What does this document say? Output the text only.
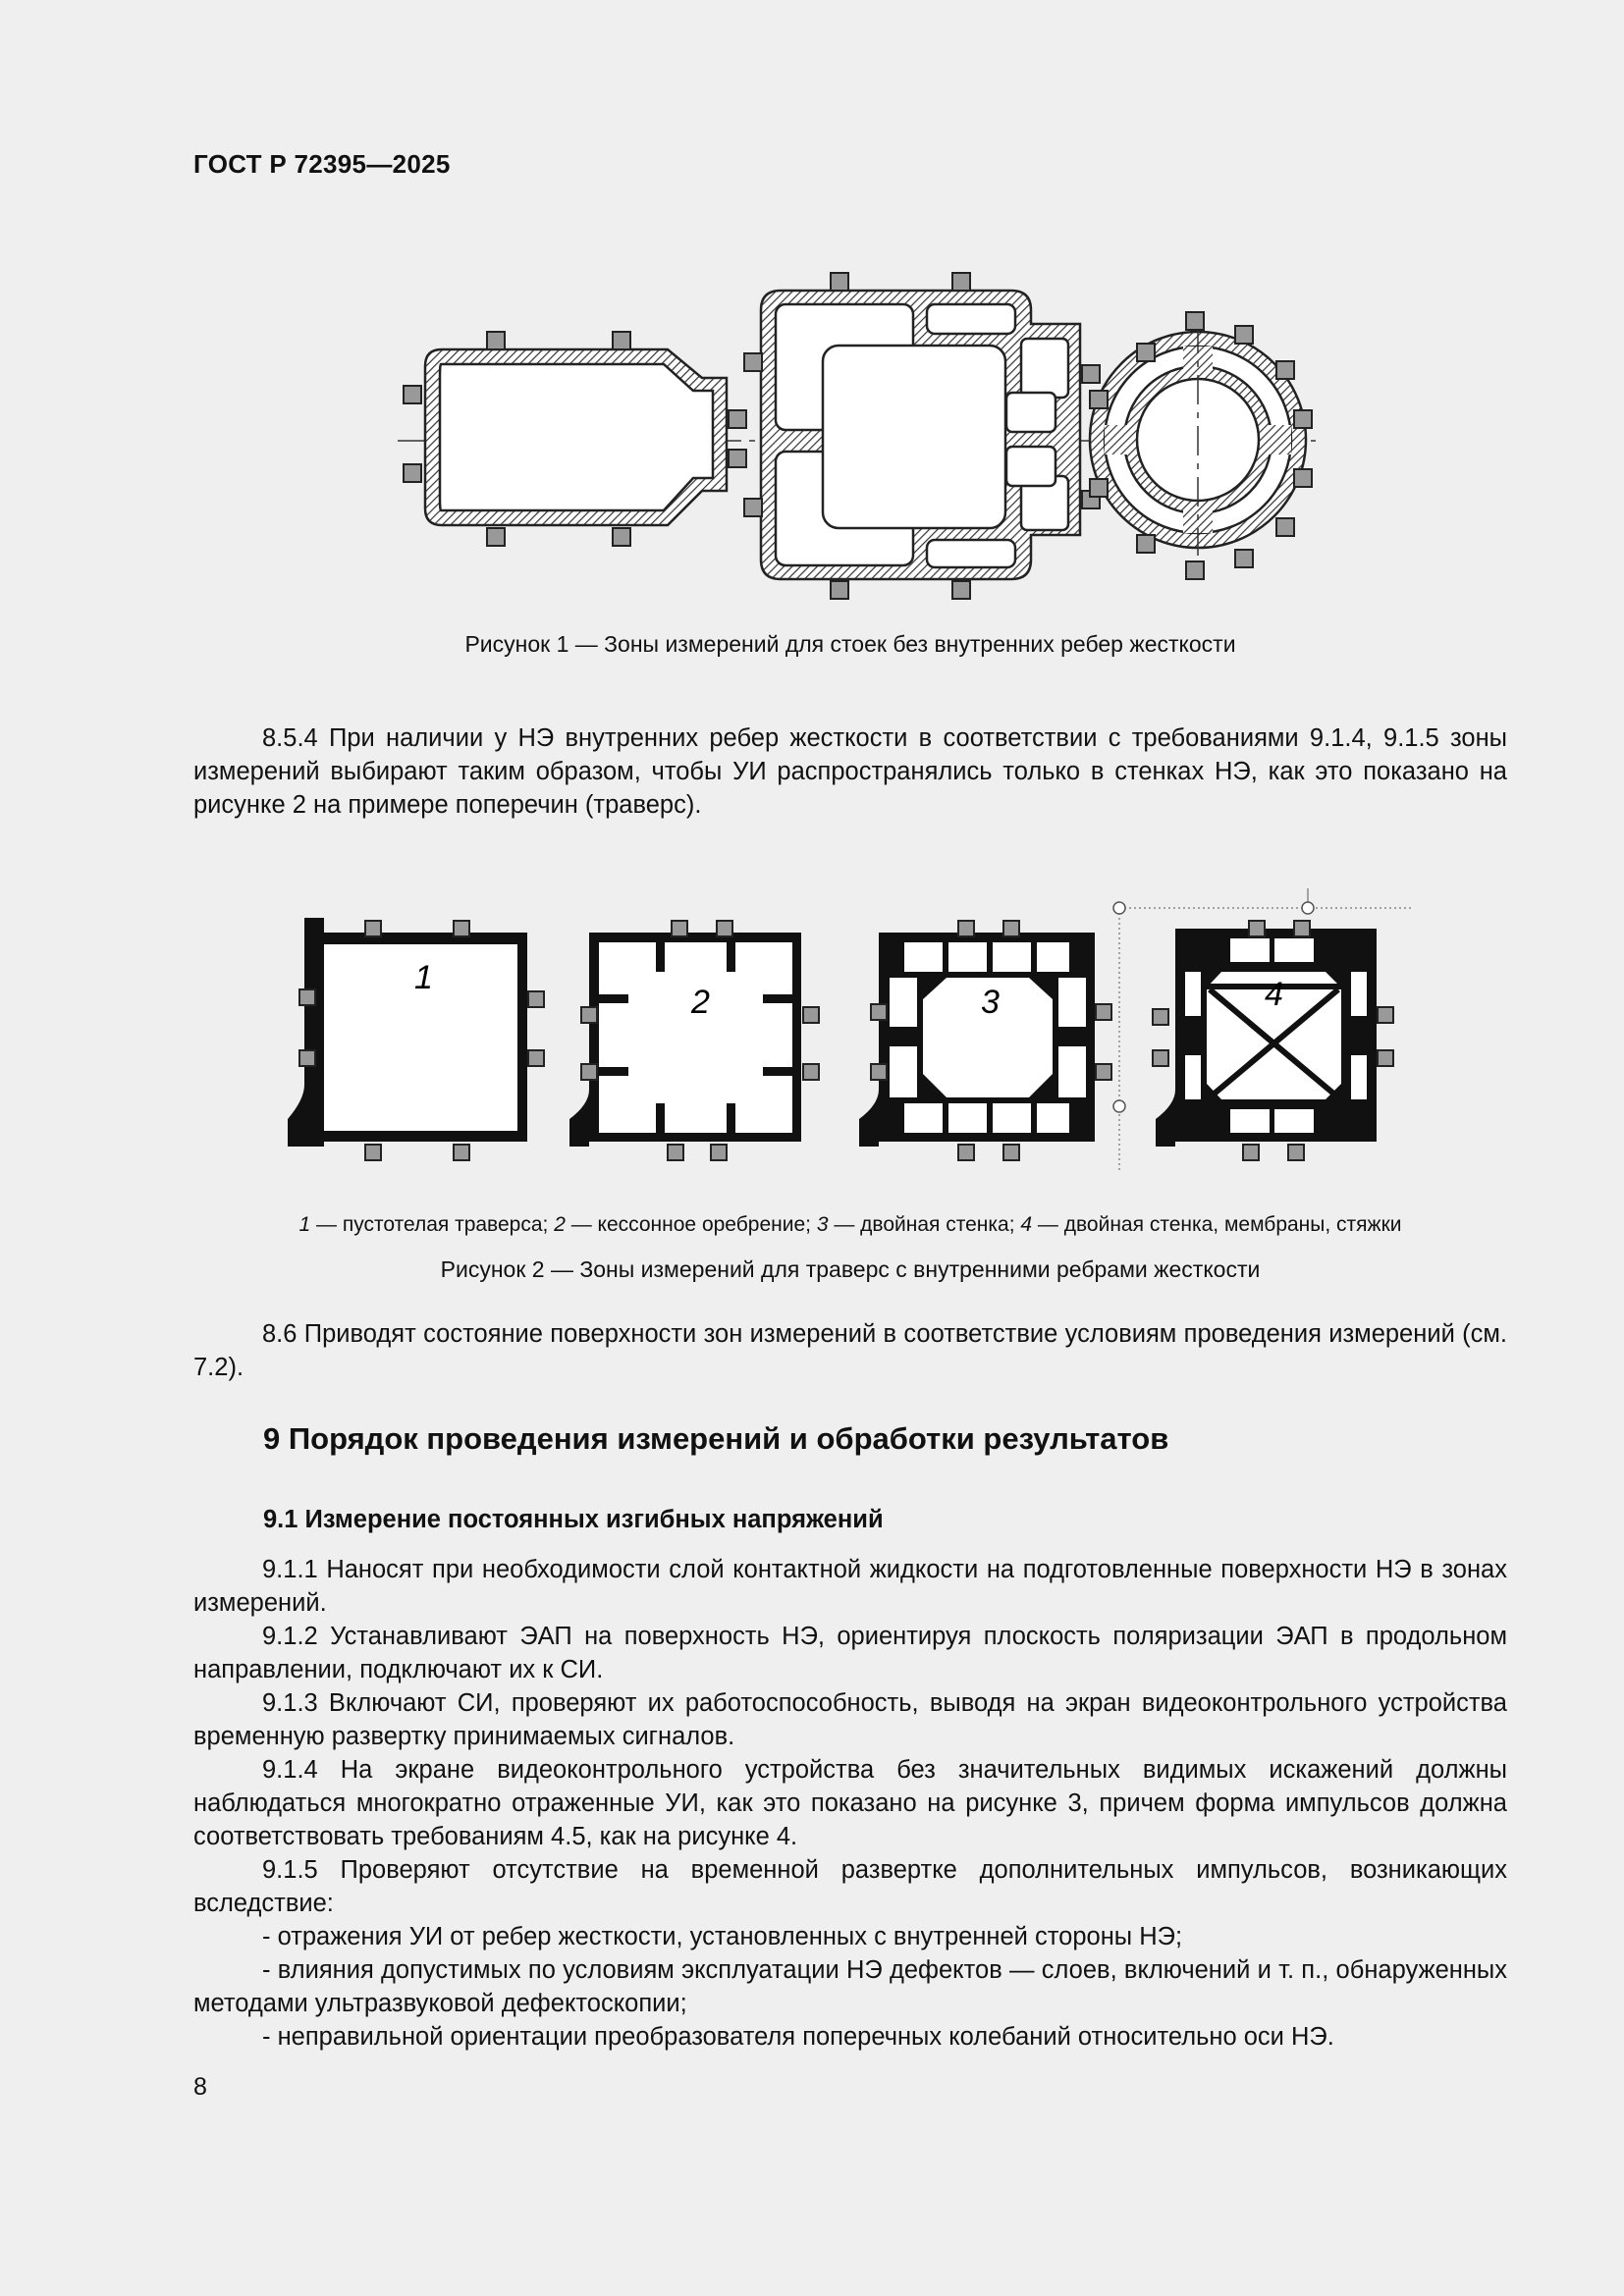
ГОСТ Р 72395—2025
Рисунок 1 — Зоны измерений для стоек без внутренних ребер жесткости

8.5.4 При наличии у НЭ внутренних ребер жесткости в соответствии с требованиями 9.1.4, 9.1.5 зоны измерений выбирают таким образом, чтобы УИ распространялись только в стенках НЭ, как это показано на рисунке 2 на примере поперечин (траверс).

1
2	3	4
1 — пустотелая траверса; 2 — кессонное оребрение; 3 — двойная стенка; 4 — двойная стенка, мембраны, стяжки
Рисунок 2 — Зоны измерений для траверс с внутренними ребрами жесткости

8.6 Приводят состояние поверхности зон измерений в соответствие условиям проведения измерений (см. 7.2).

9 Порядок проведения измерений и обработки результатов
9.1 Измерение постоянных изгибных напряжений

9.1.1 Наносят при необходимости слой контактной жидкости на подготовленные поверхности НЭ в зонах измерений.

9.1.2 Устанавливают ЭАП на поверхность НЭ, ориентируя плоскость поляризации ЭАП в продольном направлении, подключают их к СИ.

9.1.3 Включают СИ, проверяют их работоспособность, выводя на экран видеоконтрольного устройства временную развертку принимаемых сигналов.

9.1.4 На экране видеоконтрольного устройства без значительных видимых искажений должны наблюдаться многократно отраженные УИ, как это показано на рисунке 3, причем форма импульсов должна соответствовать требованиям 4.5, как на рисунке 4.

9.1.5 Проверяют отсутствие на временной развертке дополнительных импульсов, возникающих вследствие:

- отражения УИ от ребер жесткости, установленных с внутренней стороны НЭ;

- влияния допустимых по условиям эксплуатации НЭ дефектов — слоев, включений и т. п., обнаруженных методами ультразвуковой дефектоскопии;

- неправильной ориентации преобразователя поперечных колебаний относительно оси НЭ.

8
